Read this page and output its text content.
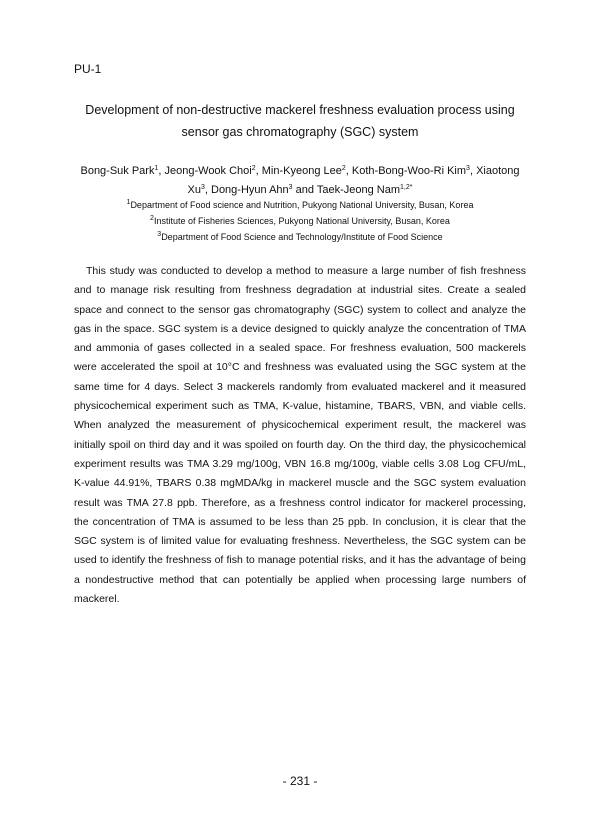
PU-1
Development of non-destructive mackerel freshness evaluation process using
sensor gas chromatography (SGC) system
Bong-Suk Park$^1$, Jeong-Wook Choi$^2$, Min-Kyeong Lee$^2$, Koth-Bong-Woo-Ri Kim$^3$, Xiaotong Xu$^3$, Dong-Hyun Ahn$^3$ and Taek-Jeong Nam$^{1,2*}$
$^1$Department of Food science and Nutrition, Pukyong National University, Busan, Korea
$^2$Institute of Fisheries Sciences, Pukyong National University, Busan, Korea
$^3$Department of Food Science and Technology/Institute of Food Science

This study was conducted to develop a method to measure a large number of fish freshness and to manage risk resulting from freshness degradation at industrial sites. Create a sealed space and connect to the sensor gas chromatography (SGC) system to collect and analyze the gas in the space. SGC system is a device designed to quickly analyze the concentration of TMA and ammonia of gases collected in a sealed space. For freshness evaluation, 500 mackerels were accelerated the spoil at 10°C and freshness was evaluated using the SGC system at the same time for 4 days. Select 3 mackerels randomly from evaluated mackerel and it measured physicochemical experiment such as TMA, K-value, histamine, TBARS, VBN, and viable cells. When analyzed the measurement of physicochemical experiment result, the mackerel was initially spoil on third day and it was spoiled on fourth day. On the third day, the physicochemical experiment results was TMA 3.29 mg/100g, VBN 16.8 mg/100g, viable cells 3.08 Log CFU/mL, K-value 44.91%, TBARS 0.38 mgMDA/kg in mackerel muscle and the SGC system evaluation result was TMA 27.8 ppb. Therefore, as a freshness control indicator for mackerel processing, the concentration of TMA is assumed to be less than 25 ppb. In conclusion, it is clear that the SGC system is of limited value for evaluating freshness. Nevertheless, the SGC system can be used to identify the freshness of fish to manage potential risks, and it has the advantage of being a nondestructive method that can potentially be applied when processing large numbers of mackerel.

- 231 -
